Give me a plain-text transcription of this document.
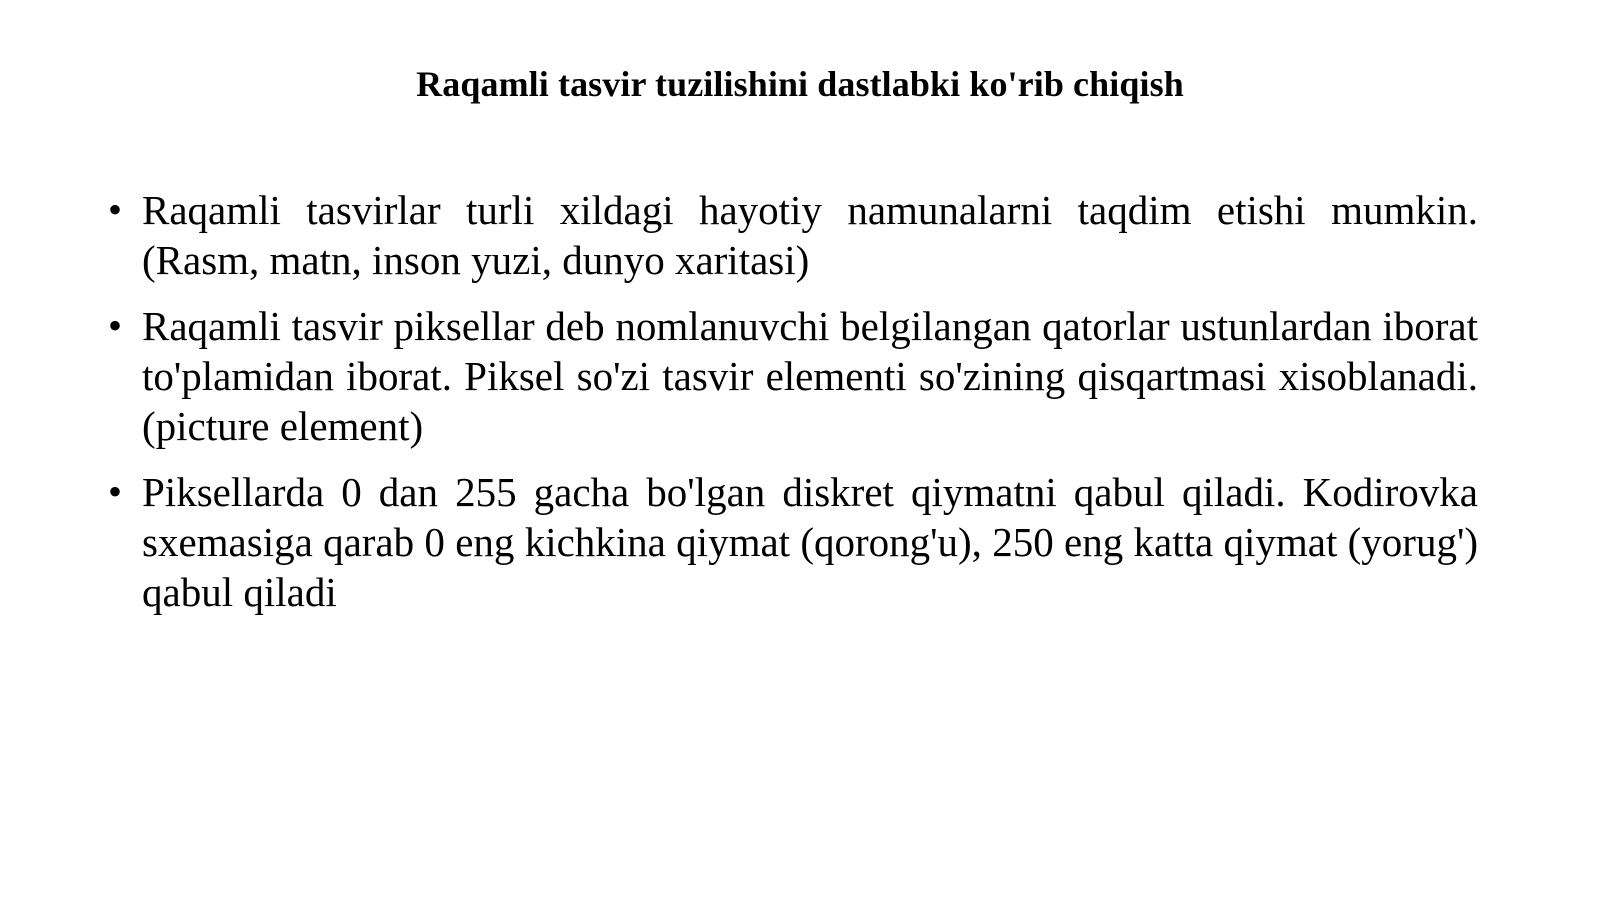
Raqamli tasvir tuzilishini dastlabki ko'rib chiqish
• Raqamli tasvirlar turli xildagi hayotiy namunalarni taqdim etishi mumkin. (Rasm, matn, inson yuzi, dunyo xaritasi)
• Raqamli tasvir piksellar deb nomlanuvchi belgilangan qatorlar ustunlardan iborat to'plamidan iborat. Piksel so'zi tasvir elementi so'zining qisqartmasi xisoblanadi. (picture element)
• Piksellarda 0 dan 255 gacha bo'lgan diskret qiymatni qabul qiladi. Kodirovka sxemasiga qarab 0 eng kichkina qiymat (qorong'u), 250 eng katta qiymat (yorug') qabul qiladi
